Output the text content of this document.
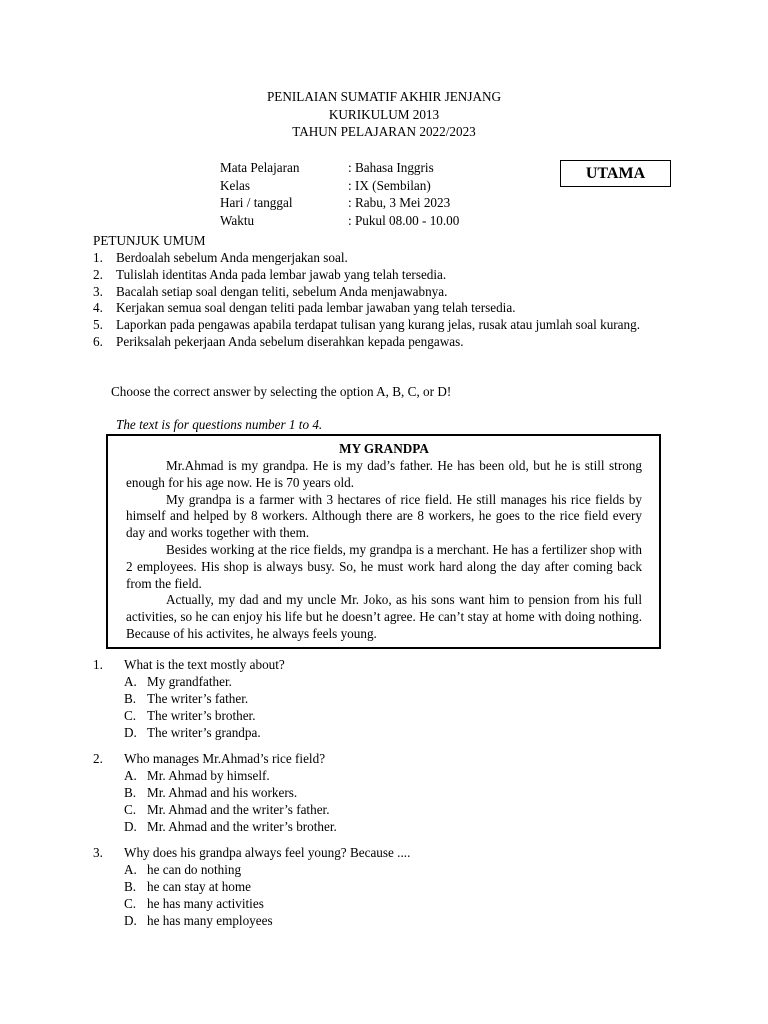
PENILAIAN SUMATIF AKHIR JENJANG
KURIKULUM 2013
TAHUN PELAJARAN 2022/2023
Mata Pelajaran	: Bahasa Inggris
Kelas	: IX (Sembilan)
Hari / tanggal	: Rabu, 3 Mei 2023
Waktu	: Pukul 08.00 - 10.00
UTAMA
PETUNJUK UMUM
1. Berdoalah sebelum Anda mengerjakan soal.
2. Tulislah identitas Anda pada lembar jawab yang telah tersedia.
3. Bacalah setiap soal dengan teliti, sebelum Anda menjawabnya.
4. Kerjakan semua soal dengan teliti pada lembar jawaban yang telah tersedia.
5. Laporkan pada pengawas apabila terdapat tulisan yang kurang jelas, rusak atau jumlah soal kurang.
6. Periksalah pekerjaan Anda sebelum diserahkan kepada pengawas.
Choose the correct answer by selecting the option A, B, C, or D!
The text is for questions number 1 to 4.
MY GRANDPA

Mr.Ahmad is my grandpa. He is my dad’s father. He has been old, but he is still strong enough for his age now. He is 70 years old.

My grandpa is a farmer with 3 hectares of rice field. He still manages his rice fields by himself and helped by 8 workers. Although there are 8 workers, he goes to the rice field every day and works together with them.

Besides working at the rice fields, my grandpa is a merchant. He has a fertilizer shop with 2 employees. His shop is always busy. So, he must work hard along the day after coming back from the field.

Actually, my dad and my uncle Mr. Joko, as his sons want him to pension from his full activities, so he can enjoy his life but he doesn’t agree. He can’t stay at home with doing nothing. Because of his activites, he always feels young.

1.	What is the text mostly about?
A. My grandfather.
B. The writer’s father.
C. The writer’s brother.
D. The writer’s grandpa.
2.	Who manages Mr.Ahmad’s rice field?
A. Mr. Ahmad by himself.
B. Mr. Ahmad and his workers.
C. Mr. Ahmad and the writer’s father.
D. Mr. Ahmad and the writer’s brother.
3.	Why does his grandpa always feel young? Because ....
A. he can do nothing
B. he can stay at home
C. he has many activities
D. he has many employees
